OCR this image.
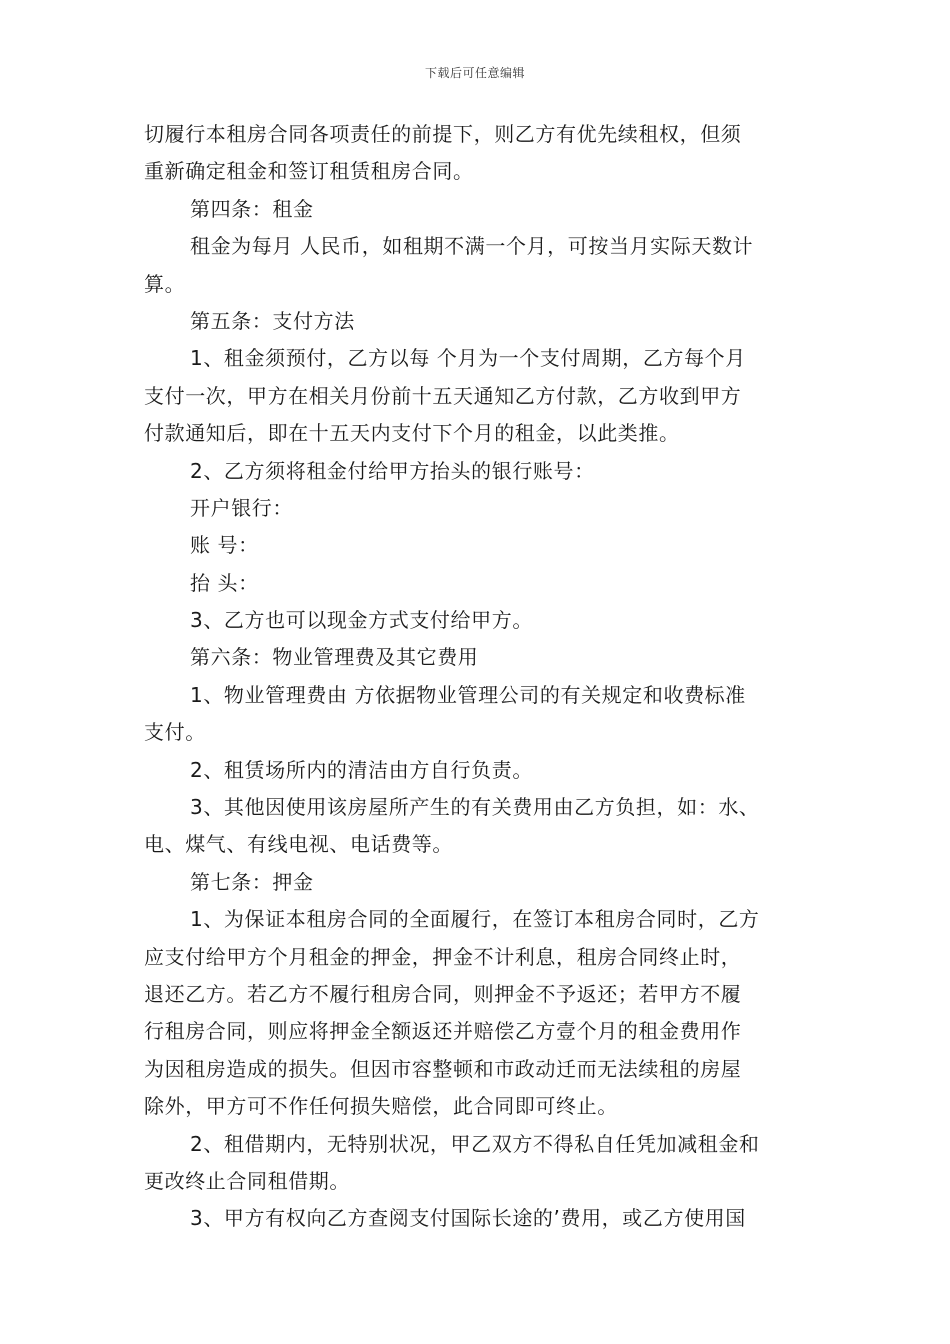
下载后可任意编辑
切履行本租房合同各项责任的前提下，则乙方有优先续租权，但须
重新确定租金和签订租赁租房合同。
第四条：租金
租金为每月 人民币，如租期不满一个月，可按当月实际天数计
算。
第五条：支付方法
1、租金须预付，乙方以每 个月为一个支付周期，乙方每个月
支付一次，甲方在相关月份前十五天通知乙方付款，乙方收到甲方
付款通知后，即在十五天内支付下个月的租金，以此类推。
2、乙方须将租金付给甲方抬头的银行账号：
开户银行：
账 号：
抬 头：
3、乙方也可以现金方式支付给甲方。
第六条：物业管理费及其它费用
1、物业管理费由 方依据物业管理公司的有关规定和收费标准
支付。
2、租赁场所内的清洁由方自行负责。
3、其他因使用该房屋所产生的有关费用由乙方负担，如：水、
电、煤气、有线电视、电话费等。
第七条：押金
1、为保证本租房合同的全面履行，在签订本租房合同时，乙方
应支付给甲方个月租金的押金，押金不计利息，租房合同终止时，
退还乙方。若乙方不履行租房合同，则押金不予返还；若甲方不履
行租房合同，则应将押金全额返还并赔偿乙方壹个月的租金费用作
为因租房造成的损失。但因市容整顿和市政动迁而无法续租的房屋
除外，甲方可不作任何损失赔偿，此合同即可终止。
2、租借期内，无特别状况，甲乙双方不得私自任凭加减租金和
更改终止合同租借期。
3、甲方有权向乙方查阅支付国际长途的’费用，或乙方使用国
